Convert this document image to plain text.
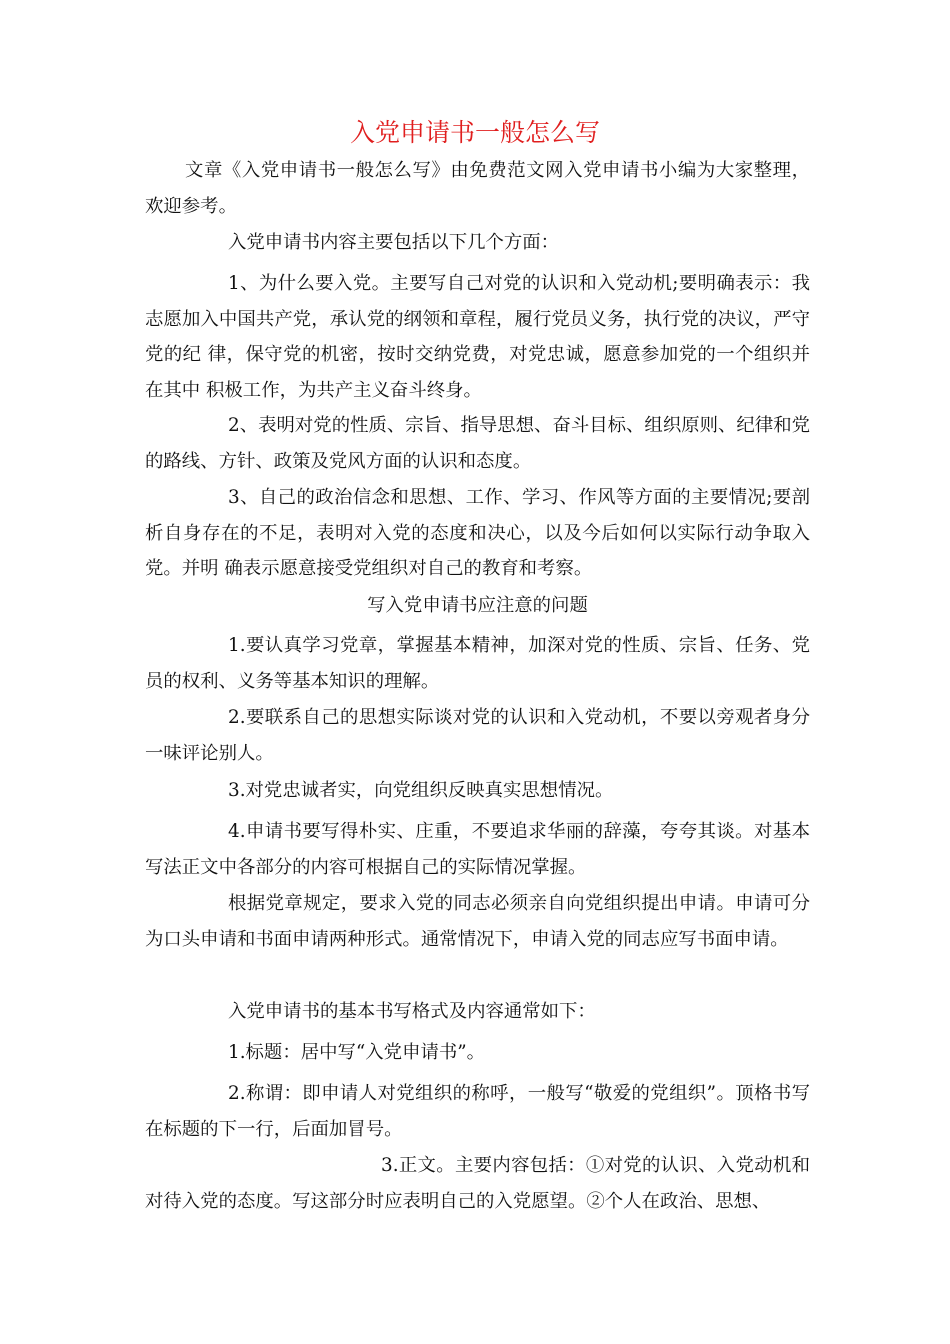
入党申请书一般怎么写

文章《入党申请书一般怎么写》由免费范文网入党申请书小编为大家整理，欢迎参考。

入党申请书内容主要包括以下几个方面：

1、为什么要入党。主要写自己对党的认识和入党动机;要明确表示：我志愿加入中国共产党，承认党的纲领和章程，履行党员义务，执行党的决议，严守党的纪 律，保守党的机密，按时交纳党费，对党忠诚，愿意参加党的一个组织并在其中 积极工作，为共产主义奋斗终身。

2、表明对党的性质、宗旨、指导思想、奋斗目标、组织原则、纪律和党的路线、方针、政策及党风方面的认识和态度。

3、自己的政治信念和思想、工作、学习、作风等方面的主要情况;要剖析自身存在的不足，表明对入党的态度和决心，以及今后如何以实际行动争取入党。并明 确表示愿意接受党组织对自己的教育和考察。

写入党申请书应注意的问题

1.要认真学习党章，掌握基本精神，加深对党的性质、宗旨、任务、党员的权利、义务等基本知识的理解。

2.要联系自己的思想实际谈对党的认识和入党动机，不要以旁观者身分一味评论别人。

3.对党忠诚者实，向党组织反映真实思想情况。

4.申请书要写得朴实、庄重，不要追求华丽的辞藻，夸夸其谈。对基本写法正文中各部分的内容可根据自己的实际情况掌握。

根据党章规定，要求入党的同志必须亲自向党组织提出申请。申请可分为口头申请和书面申请两种形式。通常情况下，申请入党的同志应写书面申请。

入党申请书的基本书写格式及内容通常如下：

1.标题：居中写“入党申请书”。

2.称谓：即申请人对党组织的称呼，一般写“敬爱的党组织”。顶格书写在标题的下一行，后面加冒号。

3.正文。主要内容包括：①对党的认识、入党动机和对待入党的态度。写这部分时应表明自己的入党愿望。②个人在政治、思想、
